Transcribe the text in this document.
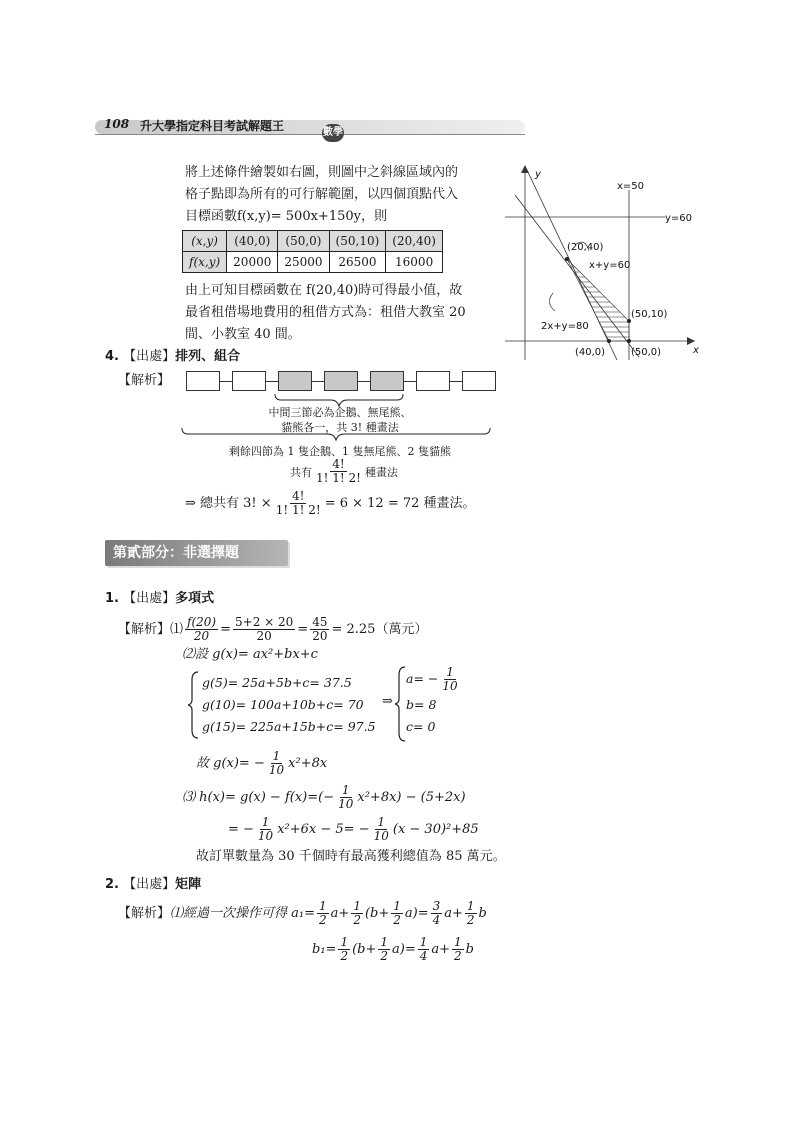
108 升大學指定科目考試解題王	數學乙
將上述條件繪製如右圖，則圖中之斜線區域內的
格子點即為所有的可行解範圍，以四個頂點代入
目標函數f(x,y)= 500x+150y，則
(x,y)	(40,0)	(50,0)	(50,10)	(20,40)
f(x,y)	20000	25000	26500	16000
由上可知目標函數在 f(20,40)時可得最小值，故
最省租借場地費用的租借方式為：租借大教室 20
間、小教室 40 間。
y
x
x=50
y=60
(20,40)
x+y=60
(50,10)
2x+y=80
(40,0)	(50,0)
4. 【出處】排列、組合
【解析】
中間三節必為企鵝、無尾熊、
貓熊各一，共 3! 種畫法
剩餘四節為 1 隻企鵝、1 隻無尾熊、2 隻貓熊
共有 $\frac{4!}{1! 1! 2!}$ 種畫法
⇒ 總共有 3! × $\frac{4!}{1! 1! 2!} = 6 \times 12 = 72$ 種畫法。
第貳部分：非選擇題
1. 【出處】多項式
【解析】 ⑴ $\frac{f(20)}{20} = \frac{5+2 \times 20}{20} = \frac{45}{20} = 2.25$（萬元）
⑵設 g(x)= ax²+bx+c
g(5)= 25a+5b+c= 37.5
g(10)= 100a+10b+c= 70
g(15)= 225a+15b+c= 97.5
⇒
$a= - \frac{1}{10}$
b= 8
c= 0
故 $g(x)= - \frac{1}{10} x^2+8x$
⑶ $h(x)= g(x) - f(x)=(- \frac{1}{10} x^2+8x) - (5+2x)$
= − $\frac{1}{10} x^2+6x - 5= - \frac{1}{10} (x - 30)^2+85$
故訂單數量為 30 千個時有最高獲利總值為 85 萬元。
2. 【出處】矩陣
【解析】 ⑴經過一次操作可得 $a_1= \frac{1}{2} a+ \frac{1}{2} (b+ \frac{1}{2} a)= \frac{3}{4} a+ \frac{1}{2}$ b
$b_1= \frac{1}{2} (b+ \frac{1}{2} a)= \frac{1}{4} a+ \frac{1}{2}$ b
